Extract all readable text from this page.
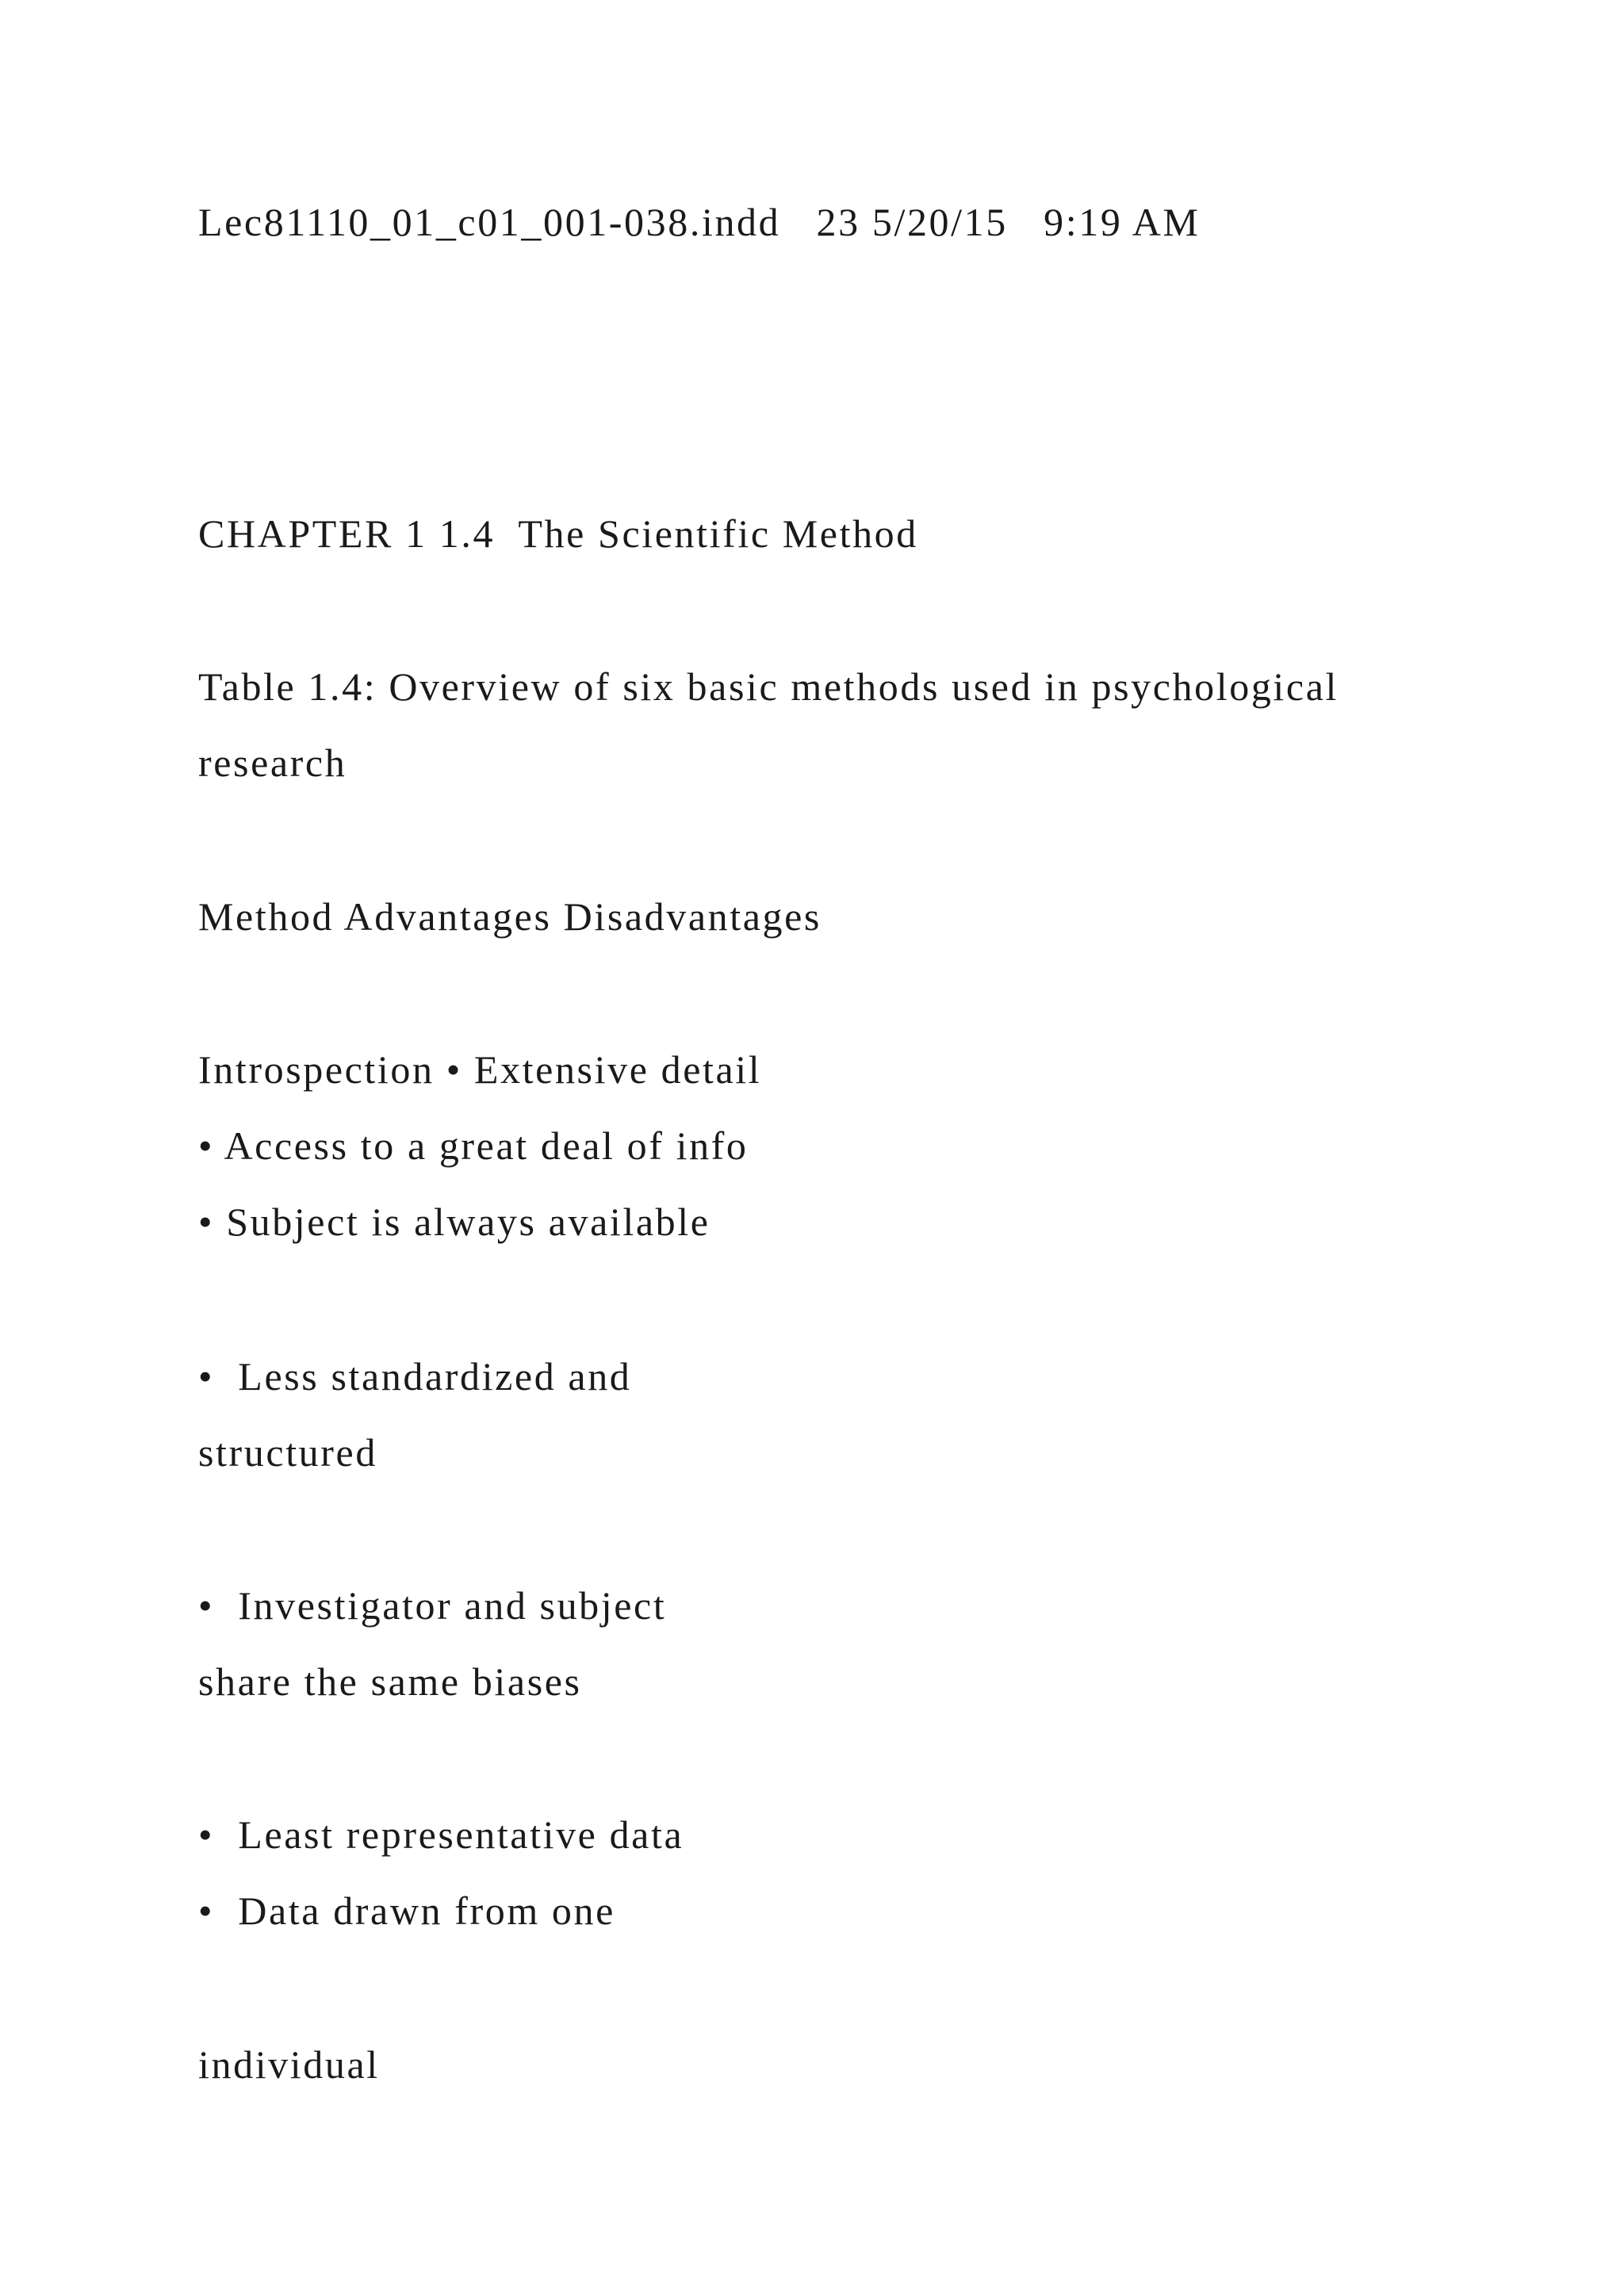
Lec81110_01_c01_001-038.indd   23 5/20/15   9:19 AM

CHAPTER 1 1.4  The Scientific Method

Table 1.4: Overview of six basic methods used in psychological

research

Method Advantages Disadvantages

Introspection • Extensive detail

• Access to a great deal of info

• Subject is always available

•  Less standardized and

structured

•  Investigator and subject

share the same biases

•  Least representative data

•  Data drawn from one

individual
